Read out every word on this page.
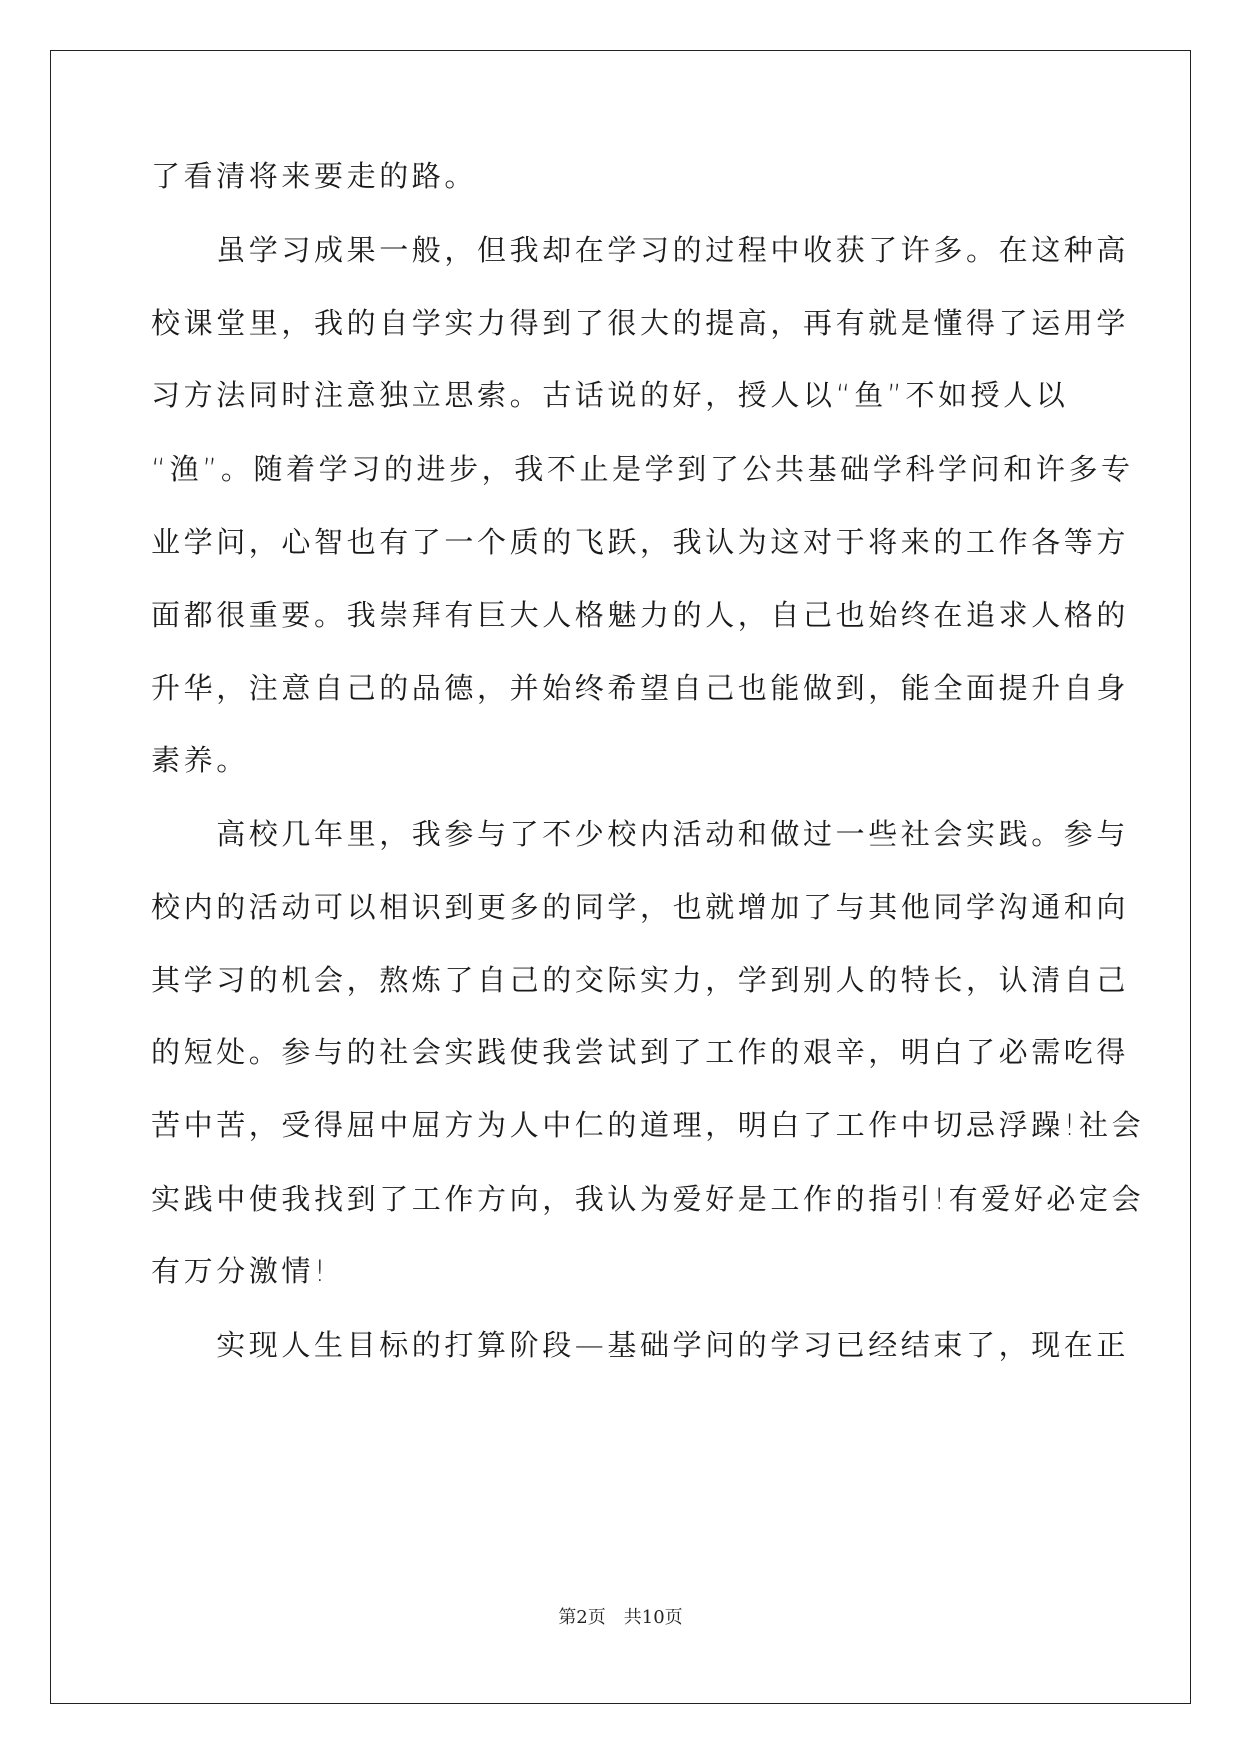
了看清将来要走的路。
　　虽学习成果一般，但我却在学习的过程中收获了许多。在这种高
校课堂里，我的自学实力得到了很大的提高，再有就是懂得了运用学
习方法同时注意独立思索。古话说的好，授人以“鱼”不如授人以
“渔”。随着学习的进步，我不止是学到了公共基础学科学问和许多专
业学问，心智也有了一个质的飞跃，我认为这对于将来的工作各等方
面都很重要。我崇拜有巨大人格魅力的人，自己也始终在追求人格的
升华，注意自己的品德，并始终希望自己也能做到，能全面提升自身
素养。
　　高校几年里，我参与了不少校内活动和做过一些社会实践。参与
校内的活动可以相识到更多的同学，也就增加了与其他同学沟通和向
其学习的机会，熬炼了自己的交际实力，学到别人的特长，认清自己
的短处。参与的社会实践使我尝试到了工作的艰辛，明白了必需吃得
苦中苦，受得屈中屈方为人中仁的道理，明白了工作中切忌浮躁!社会
实践中使我找到了工作方向，我认为爱好是工作的指引!有爱好必定会
有万分激情!
　　实现人生目标的打算阶段—基础学问的学习已经结束了，现在正
第2页　共10页
